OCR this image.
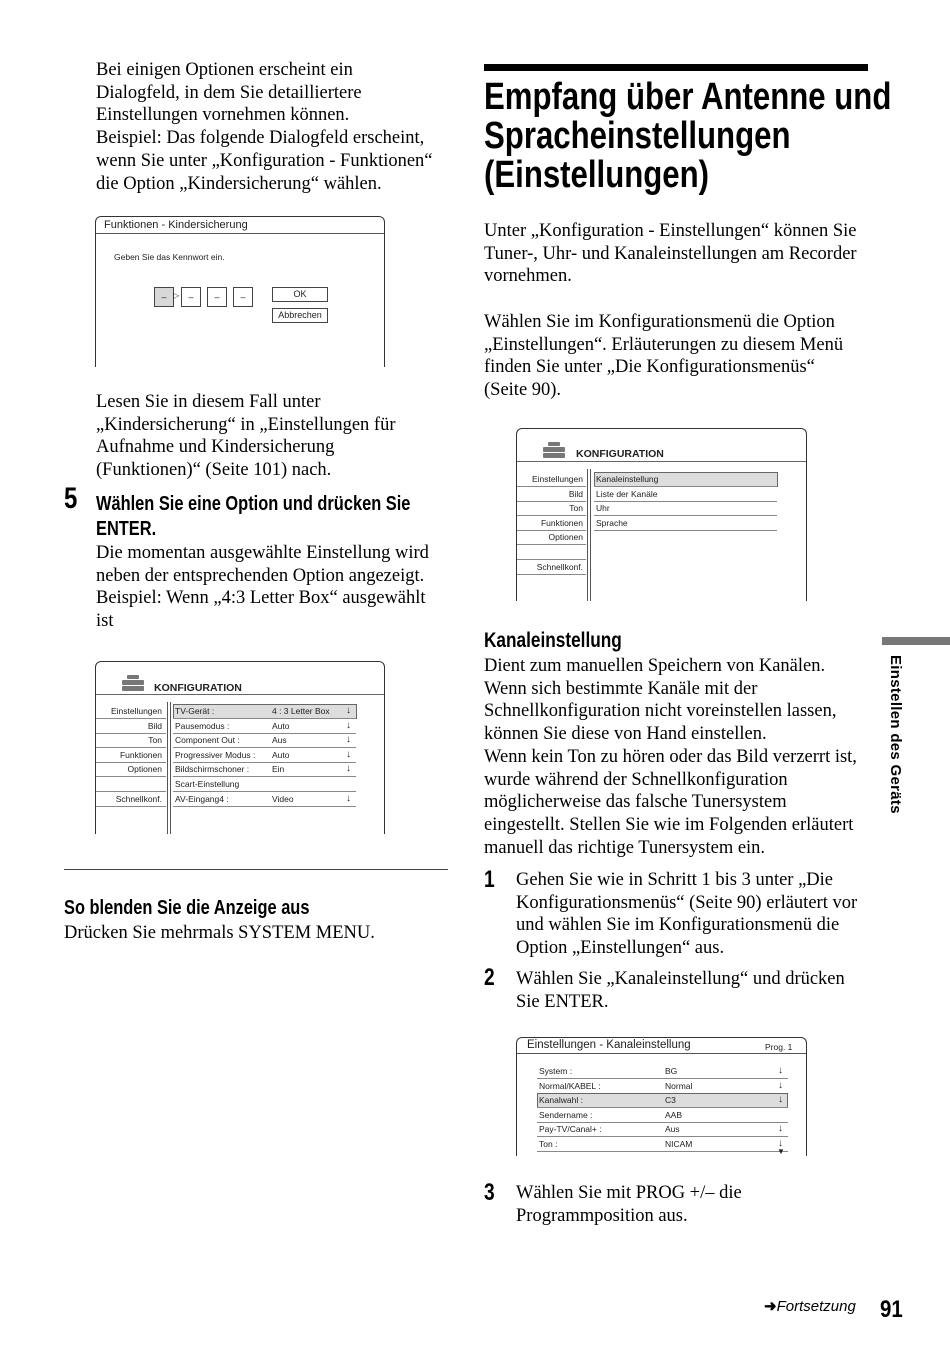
Bei einigen Optionen erscheint ein
Dialogfeld, in dem Sie detailliertere
Einstellungen vornehmen können.
Beispiel: Das folgende Dialogfeld erscheint,
wenn Sie unter „Konfiguration - Funktionen“
die Option „Kindersicherung“ wählen.
Funktionen - Kindersicherung
Geben Sie das Kennwort ein.
– ▷	–	–	–	OK
Abbrechen
Lesen Sie in diesem Fall unter
„Kindersicherung“ in „Einstellungen für
Aufnahme und Kindersicherung
(Funktionen)“ (Seite 101) nach.
5 Wählen Sie eine Option und drücken Sie
ENTER.
Die momentan ausgewählte Einstellung wird
neben der entsprechenden Option angezeigt.
Beispiel: Wenn „4:3 Letter Box“ ausgewählt
ist
KONFIGURATION
Einstellungen
Bild
Ton
Funktionen
Optionen
Schnellkonf.
TV-Gerät :	4 : 3 Letter Box ↓
Pausemodus :	Auto	↓
Component Out :	Aus	↓
Progressiver Modus : Auto	↓
Bildschirmschoner :	Ein	↓
Scart-Einstellung
AV-Eingang4 :	Video	↓
So blenden Sie die Anzeige aus
Drücken Sie mehrmals SYSTEM MENU.
Empfang über Antenne und
Spracheinstellungen
(Einstellungen)
Unter „Konfiguration - Einstellungen“ können Sie
Tuner-, Uhr- und Kanaleinstellungen am Recorder
vornehmen.
Wählen Sie im Konfigurationsmenü die Option
„Einstellungen“. Erläuterungen zu diesem Menü
finden Sie unter „Die Konfigurationsmenüs“
(Seite 90).
KONFIGURATION
Einstellungen
Bild
Ton
Funktionen
Optionen
Schnellkonf.
Kanaleinstellung
Liste der Kanäle
Uhr
Sprache
Kanaleinstellung
Dient zum manuellen Speichern von Kanälen.
Wenn sich bestimmte Kanäle mit der
Schnellkonfiguration nicht voreinstellen lassen,
können Sie diese von Hand einstellen.
Wenn kein Ton zu hören oder das Bild verzerrt ist,
wurde während der Schnellkonfiguration
möglicherweise das falsche Tunersystem
eingestellt. Stellen Sie wie im Folgenden erläutert
manuell das richtige Tunersystem ein.
1 Gehen Sie wie in Schritt 1 bis 3 unter „Die
Konfigurationsmenüs“ (Seite 90) erläutert vor
und wählen Sie im Konfigurationsmenü die
Option „Einstellungen“ aus.
2 Wählen Sie „Kanaleinstellung“ und drücken
Sie ENTER.
Einstellungen - Kanaleinstellung	Prog. 1
System :	BG	↓
Normal/KABEL :	Normal	↓
Kanalwahl :	C3	↓
Sendername :	AAB
Pay-TV/Canal+ :	Aus	↓
Ton :	NICAM	↓
▼
3 Wählen Sie mit PROG +/– die
Programmposition aus.
Einstellen des Geräts
➜Fortsetzung 91
